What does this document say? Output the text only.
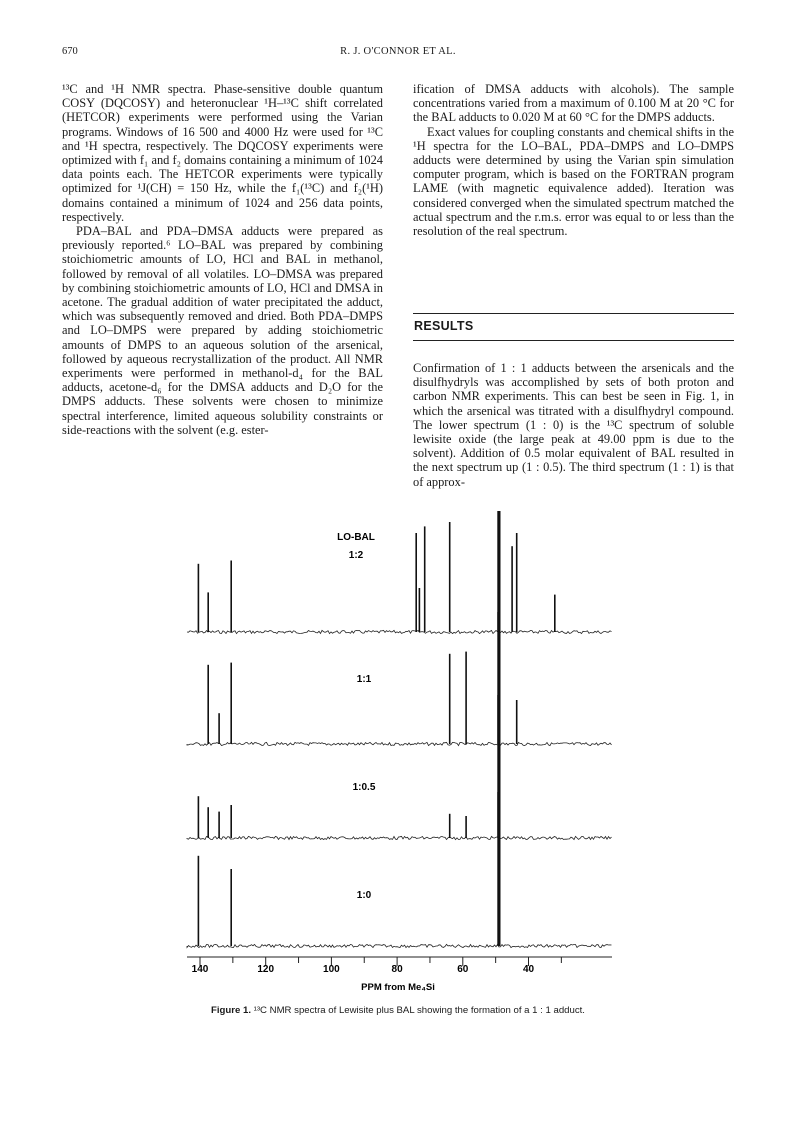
670	R. J. O'CONNOR ET AL.

¹³C and ¹H NMR spectra. Phase-sensitive double quantum COSY (DQCOSY) and heteronuclear ¹H–¹³C shift correlated (HETCOR) experiments were performed using the Varian programs. Windows of 16 500 and 4000 Hz were used for ¹³C and ¹H spectra, respectively. The DQCOSY experiments were optimized with f₁ and f₂ domains containing a minimum of 1024 data points each. The HETCOR experiments were typically optimized for ¹J(CH) = 150 Hz, while the f₁(¹³C) and f₂(¹H) domains contained a minimum of 1024 and 256 data points, respectively.

PDA–BAL and PDA–DMSA adducts were prepared as previously reported.⁶ LO–BAL was prepared by combining stoichiometric amounts of LO, HCl and BAL in methanol, followed by removal of all volatiles. LO–DMSA was prepared by combining stoichiometric amounts of LO, HCl and DMSA in acetone. The gradual addition of water precipitated the adduct, which was subsequently removed and dried. Both PDA–DMPS and LO–DMPS were prepared by adding stoichiometric amounts of DMPS to an aqueous solution of the arsenical, followed by aqueous recrystallization of the product. All NMR experiments were performed in methanol-d₄ for the BAL adducts, acetone-d₆ for the DMSA adducts and D₂O for the DMPS adducts. These solvents were chosen to minimize spectral interference, limited aqueous solubility constraints or side-reactions with the solvent (e.g. ester-

ification of DMSA adducts with alcohols). The sample concentrations varied from a maximum of 0.100 M at 20 °C for the BAL adducts to 0.020 M at 60 °C for the DMPS adducts.

Exact values for coupling constants and chemical shifts in the ¹H spectra for the LO–BAL, PDA–DMPS and LO–DMPS adducts were determined by using the Varian spin simulation computer program, which is based on the FORTRAN program LAME (with magnetic equivalence added). Iteration was considered converged when the simulated spectrum matched the actual spectrum and the r.m.s. error was equal to or less than the resolution of the real spectrum.

RESULTS

Confirmation of 1 : 1 adducts between the arsenicals and the disulfhydryls was accomplished by sets of both proton and carbon NMR experiments. This can best be seen in Fig. 1, in which the arsenical was titrated with a disulfhydryl compound. The lower spectrum (1 : 0) is the ¹³C spectrum of soluble lewisite oxide (the large peak at 49.00 ppm is due to the solvent). Addition of 0.5 molar equivalent of BAL resulted in the next spectrum up (1 : 0.5). The third spectrum (1 : 1) is that of approx-

LO-BAL
1:2
1:1
1:0.5
1:0
140	120	100	80	60	40
PPM from Me₄Si
Figure 1. ¹³C NMR spectra of Lewisite plus BAL showing the formation of a 1 : 1 adduct.
